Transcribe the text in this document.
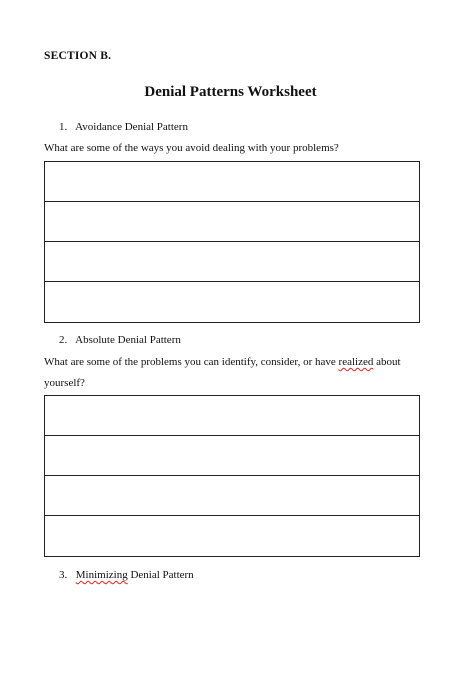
SECTION B.
Denial Patterns Worksheet
1. Avoidance Denial Pattern
What are some of the ways you avoid dealing with your problems?
2. Absolute Denial Pattern
What are some of the problems you can identify, consider, or have realized about yourself?
3. Minimizing Denial Pattern
